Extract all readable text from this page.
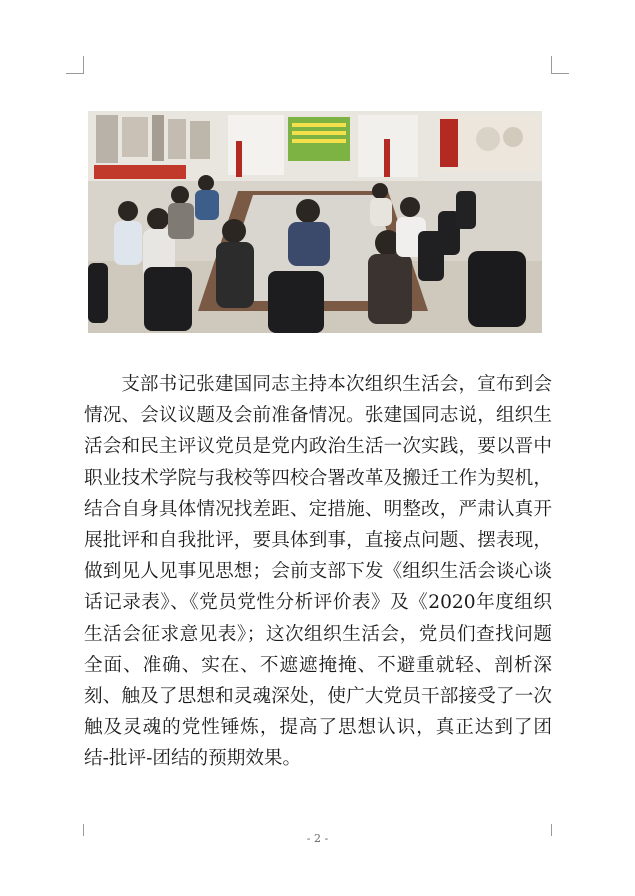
支部书记张建国同志主持本次组织生活会，宣布到会情况、会议议题及会前准备情况。张建国同志说，组织生活会和民主评议党员是党内政治生活一次实践，要以晋中职业技术学院与我校等四校合署改革及搬迁工作为契机，结合自身具体情况找差距、定措施、明整改，严肃认真开展批评和自我批评，要具体到事，直接点问题、摆表现，做到见人见事见思想；会前支部下发《组织生活会谈心谈话记录表》、《党员党性分析评价表》及《2020年度组织生活会征求意见表》；这次组织生活会，党员们查找问题全面、准确、实在、不遮遮掩掩、不避重就轻、剖析深刻、触及了思想和灵魂深处，使广大党员干部接受了一次触及灵魂的党性锤炼，提高了思想认识，真正达到了团结-批评-团结的预期效果。

- 2 -
